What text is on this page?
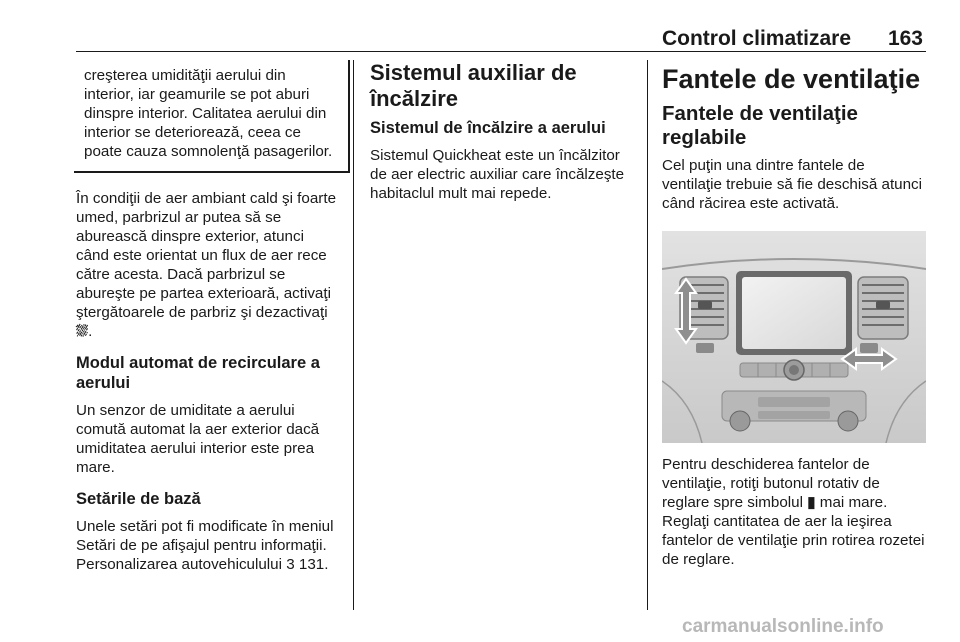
Control climatizare 163

creşterea umidităţii aerului din interior, iar geamurile se pot aburi dinspre interior. Calitatea aerului din interior se deteriorează, ceea ce poate cauza somnolenţă pasagerilor.

În condiţii de aer ambiant cald şi foarte umed, parbrizul ar putea să se aburească dinspre exterior, atunci când este orientat un flux de aer rece către acesta. Dacă parbrizul se abureşte pe partea exterioară, activaţi ştergătoarele de parbriz şi dezactivaţi ⛆.

Modul automat de recirculare a aerului

Un senzor de umiditate a aerului comută automat la aer exterior dacă umiditatea aerului interior este prea mare.

Setările de bază

Unele setări pot fi modificate în meniul Setări de pe afişajul pentru informaţii. Personalizarea autovehiculului 3 131.

Sistemul auxiliar de încălzire
Sistemul de încălzire a aerului

Sistemul Quickheat este un încălzitor de aer electric auxiliar care încălzeşte habitaclul mult mai repede.

Fantele de ventilaţie
Fantele de ventilaţie reglabile

Cel puţin una dintre fantele de ventilaţie trebuie să fie deschisă atunci când răcirea este activată.

Pentru deschiderea fantelor de ventilaţie, rotiţi butonul rotativ de reglare spre simbolul ▮ mai mare. Reglaţi cantitatea de aer la ieşirea fantelor de ventilaţie prin rotirea rozetei de reglare.

carmanualsonline.info
